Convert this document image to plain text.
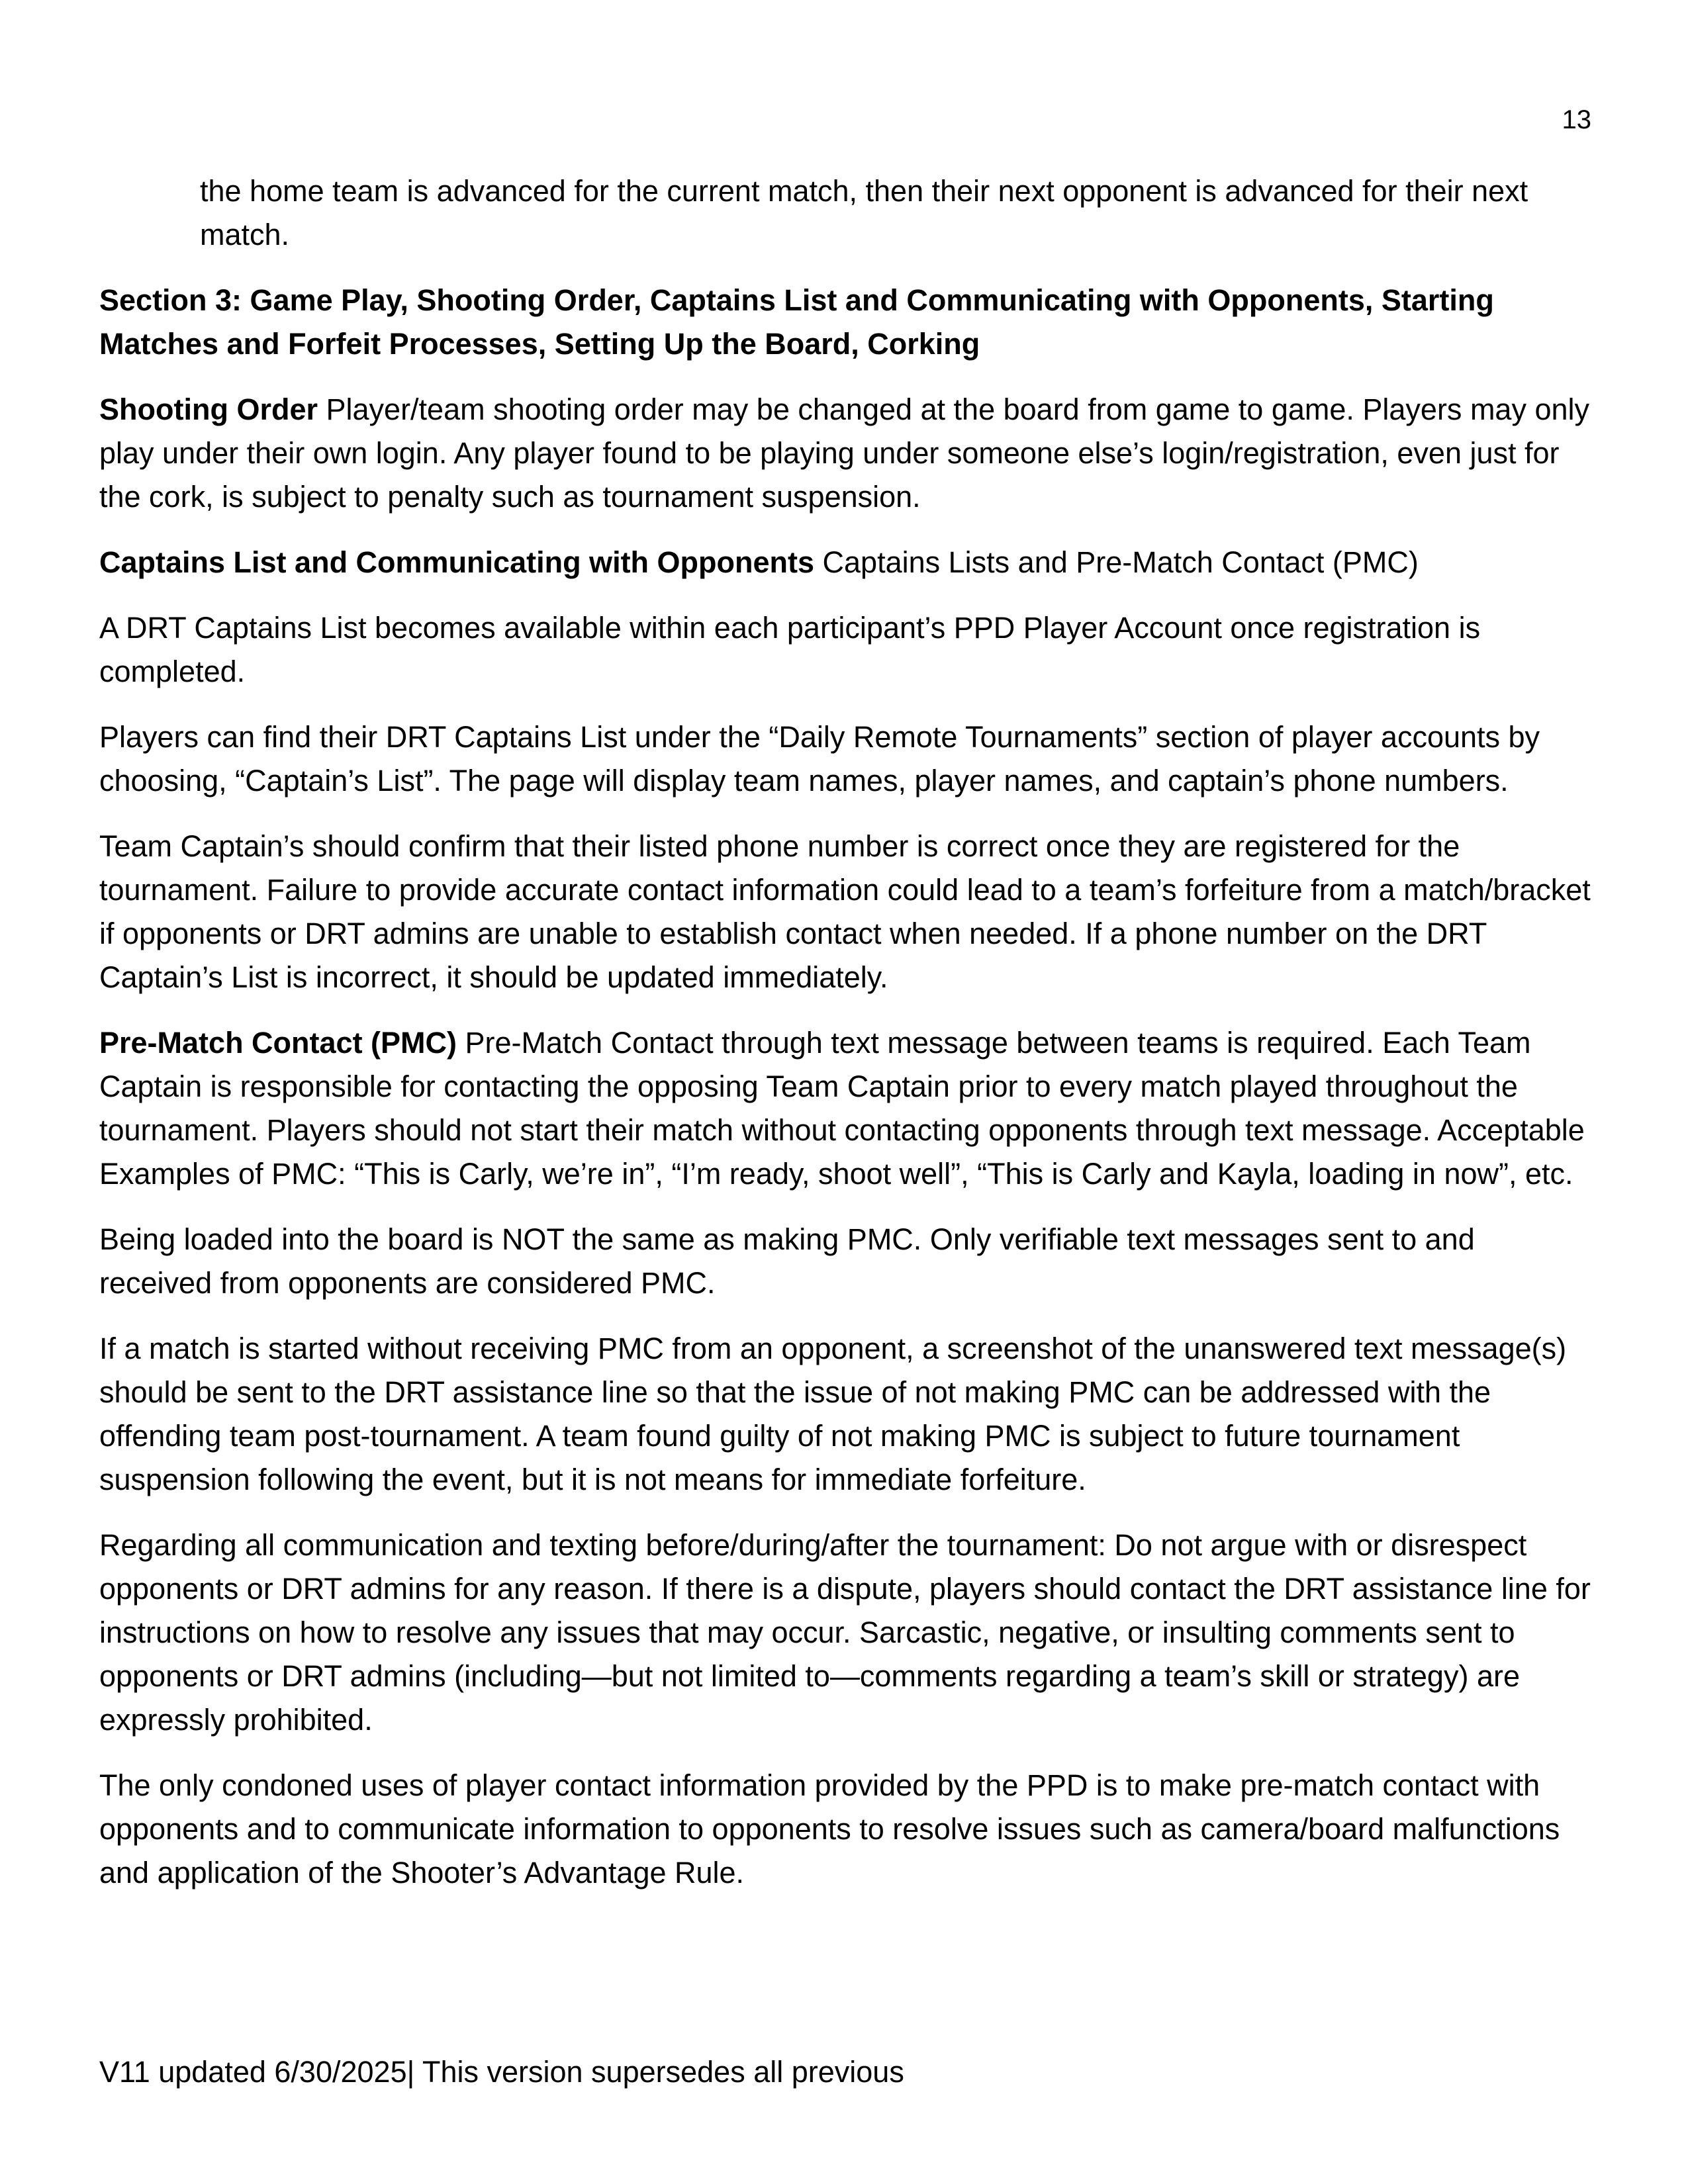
13

the home team is advanced for the current match, then their next opponent is advanced for their next match.

Section 3: Game Play, Shooting Order, Captains List and Communicating with Opponents, Starting Matches and Forfeit Processes, Setting Up the Board, Corking

Shooting Order Player/team shooting order may be changed at the board from game to game. Players may only play under their own login. Any player found to be playing under someone else’s login/registration, even just for the cork, is subject to penalty such as tournament suspension.

Captains List and Communicating with Opponents Captains Lists and Pre-Match Contact (PMC)

A DRT Captains List becomes available within each participant’s PPD Player Account once registration is completed.

Players can find their DRT Captains List under the “Daily Remote Tournaments” section of player accounts by choosing, “Captain’s List”. The page will display team names, player names, and captain’s phone numbers.

Team Captain’s should confirm that their listed phone number is correct once they are registered for the tournament. Failure to provide accurate contact information could lead to a team’s forfeiture from a match/bracket if opponents or DRT admins are unable to establish contact when needed. If a phone number on the DRT Captain’s List is incorrect, it should be updated immediately.

Pre-Match Contact (PMC) Pre-Match Contact through text message between teams is required. Each Team Captain is responsible for contacting the opposing Team Captain prior to every match played throughout the tournament. Players should not start their match without contacting opponents through text message. Acceptable Examples of PMC: “This is Carly, we’re in”, “I’m ready, shoot well”, “This is Carly and Kayla, loading in now”, etc.

Being loaded into the board is NOT the same as making PMC. Only verifiable text messages sent to and received from opponents are considered PMC.

If a match is started without receiving PMC from an opponent, a screenshot of the unanswered text message(s) should be sent to the DRT assistance line so that the issue of not making PMC can be addressed with the offending team post-tournament. A team found guilty of not making PMC is subject to future tournament suspension following the event, but it is not means for immediate forfeiture.

Regarding all communication and texting before/during/after the tournament: Do not argue with or disrespect opponents or DRT admins for any reason. If there is a dispute, players should contact the DRT assistance line for instructions on how to resolve any issues that may occur. Sarcastic, negative, or insulting comments sent to opponents or DRT admins (including—but not limited to—comments regarding a team’s skill or strategy) are expressly prohibited.

The only condoned uses of player contact information provided by the PPD is to make pre-match contact with opponents and to communicate information to opponents to resolve issues such as camera/board malfunctions and application of the Shooter’s Advantage Rule.

V11 updated 6/30/2025| This version supersedes all previous
